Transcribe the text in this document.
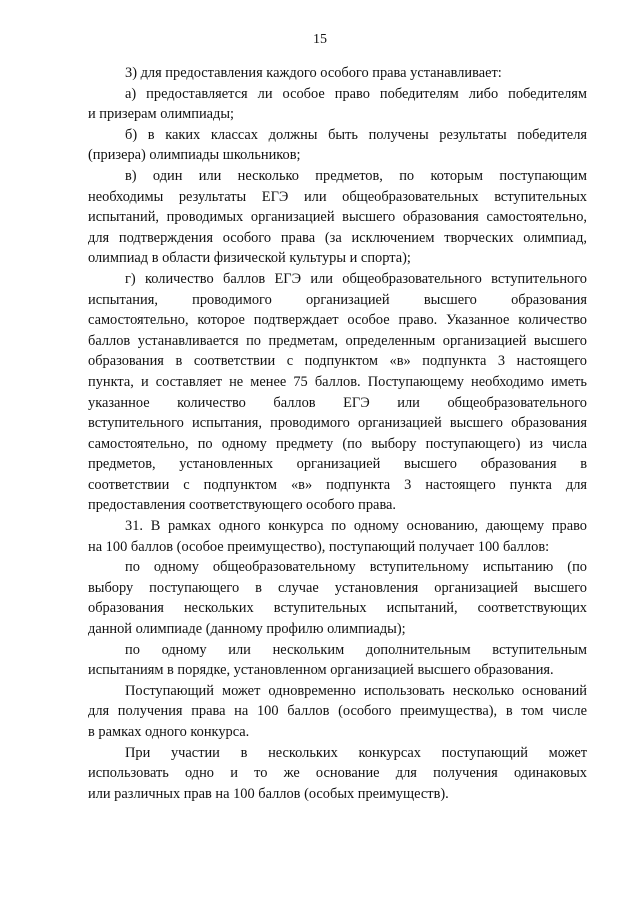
15
3) для предоставления каждого особого права устанавливает:
а) предоставляется ли особое право победителям либо победителям
и призерам олимпиады;
б) в каких классах должны быть получены результаты победителя
(призера) олимпиады школьников;
в) один или несколько предметов, по которым поступающим
необходимы результаты ЕГЭ или общеобразовательных вступительных
испытаний, проводимых организацией высшего образования самостоятельно,
для подтверждения особого права (за исключением творческих олимпиад,
олимпиад в области физической культуры и спорта);
г) количество баллов ЕГЭ или общеобразовательного вступительного
испытания, проводимого организацией высшего образования
самостоятельно, которое подтверждает особое право. Указанное количество
баллов устанавливается по предметам, определенным организацией высшего
образования в соответствии с подпунктом «в» подпункта 3 настоящего
пункта, и составляет не менее 75 баллов. Поступающему необходимо иметь
указанное количество баллов ЕГЭ или общеобразовательного
вступительного испытания, проводимого организацией высшего образования
самостоятельно, по одному предмету (по выбору поступающего) из числа
предметов, установленных организацией высшего образования в
соответствии с подпунктом «в» подпункта 3 настоящего пункта для
предоставления соответствующего особого права.
31. В рамках одного конкурса по одному основанию, дающему право
на 100 баллов (особое преимущество), поступающий получает 100 баллов:
по одному общеобразовательному вступительному испытанию (по
выбору поступающего в случае установления организацией высшего
образования нескольких вступительных испытаний, соответствующих
данной олимпиаде (данному профилю олимпиады);
по одному или нескольким дополнительным вступительным
испытаниям в порядке, установленном организацией высшего образования.
Поступающий может одновременно использовать несколько оснований
для получения права на 100 баллов (особого преимущества), в том числе
в рамках одного конкурса.
При участии в нескольких конкурсах поступающий может
использовать одно и то же основание для получения одинаковых
или различных прав на 100 баллов (особых преимуществ).
